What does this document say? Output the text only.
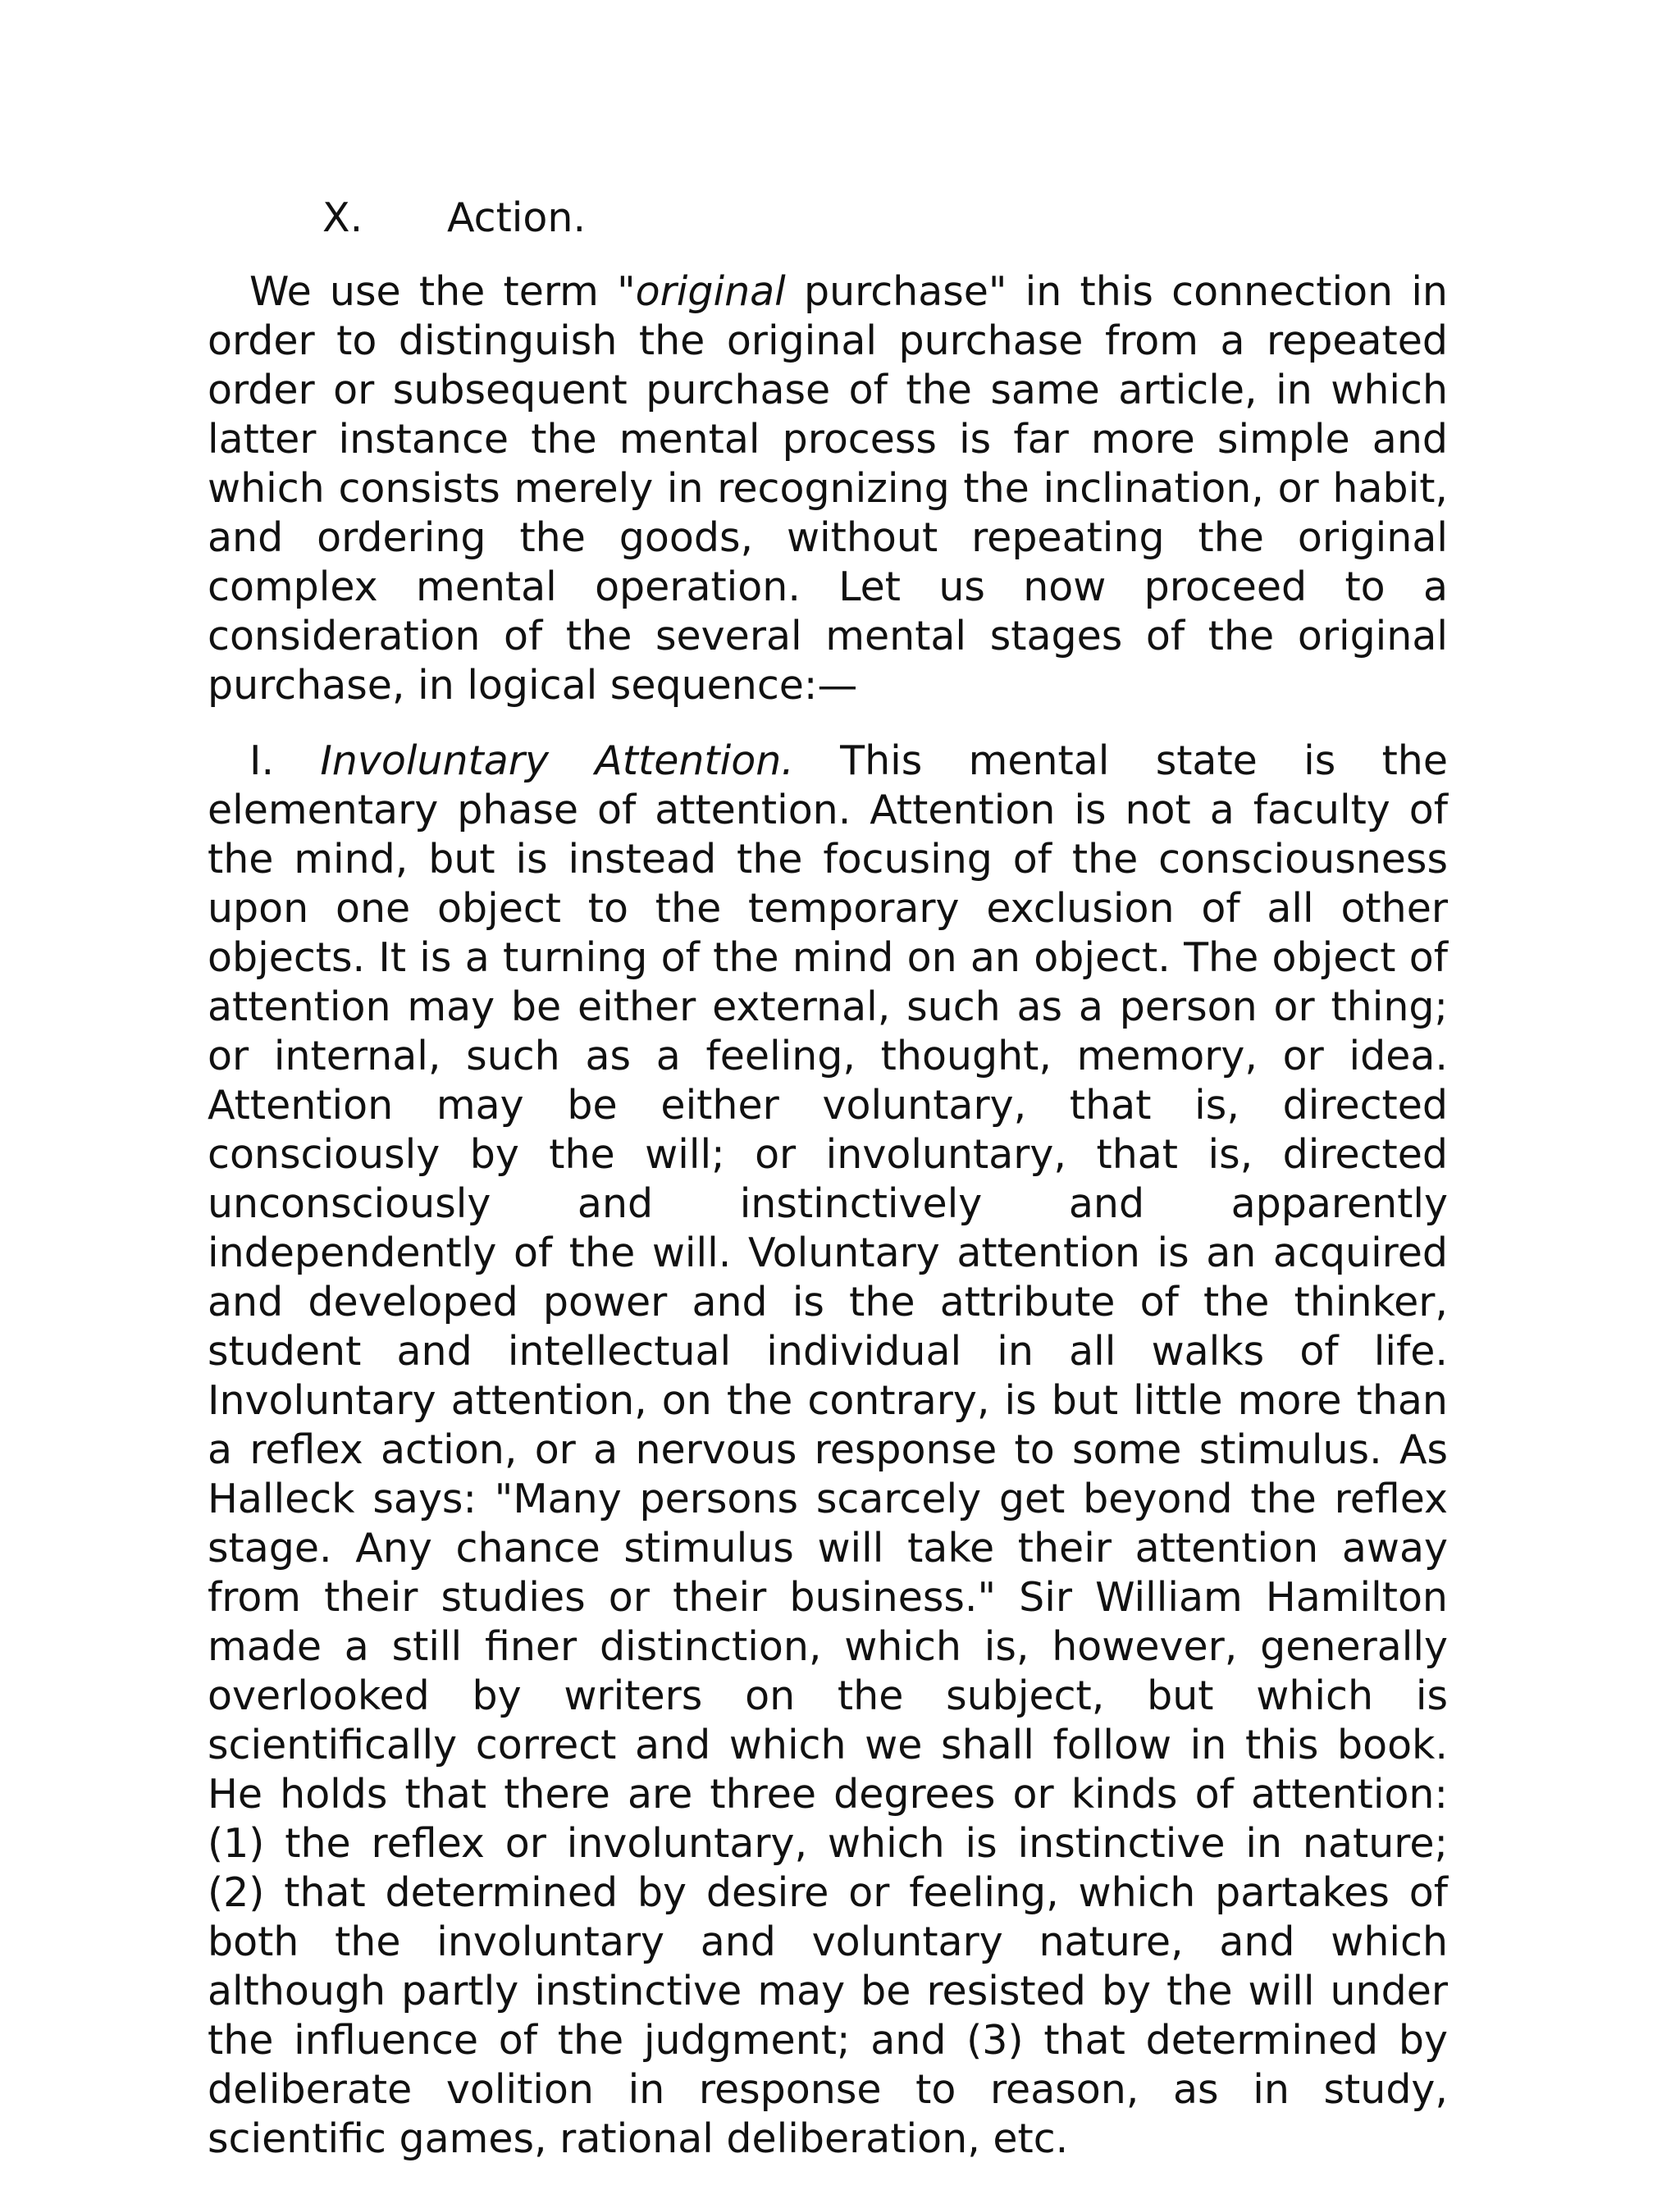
X.	Action.

We use the term "original purchase" in this connection in order to distinguish the original purchase from a repeated order or subsequent purchase of the same article, in which latter instance the mental process is far more simple and which consists merely in recognizing the inclination, or habit, and ordering the goods, without repeating the original complex mental operation. Let us now proceed to a consideration of the several mental stages of the original purchase, in logical sequence:—

I. Involuntary Attention. This mental state is the elementary phase of attention. Attention is not a faculty of the mind, but is instead the focusing of the consciousness upon one object to the temporary exclusion of all other objects. It is a turning of the mind on an object. The object of attention may be either external, such as a person or thing; or internal, such as a feeling, thought, memory, or idea. Attention may be either voluntary, that is, directed consciously by the will; or involuntary, that is, directed unconsciously and instinctively and apparently independently of the will. Voluntary attention is an acquired and developed power and is the attribute of the thinker, student and intellectual individual in all walks of life. Involuntary attention, on the contrary, is but little more than a reflex action, or a nervous response to some stimulus. As Halleck says: "Many persons scarcely get beyond the reflex stage. Any chance stimulus will take their attention away from their studies or their business." Sir William Hamilton made a still finer distinction, which is, however, generally overlooked by writers on the subject, but which is scientifically correct and which we shall follow in this book. He holds that there are three degrees or kinds of attention: (1) the reflex or involuntary, which is instinctive in nature; (2) that determined by desire or feeling, which partakes of both the involuntary and voluntary nature, and which although partly instinctive may be resisted by the will under the influence of the judgment; and (3) that determined by deliberate volition in response to reason, as in study, scientific games, rational deliberation, etc.
